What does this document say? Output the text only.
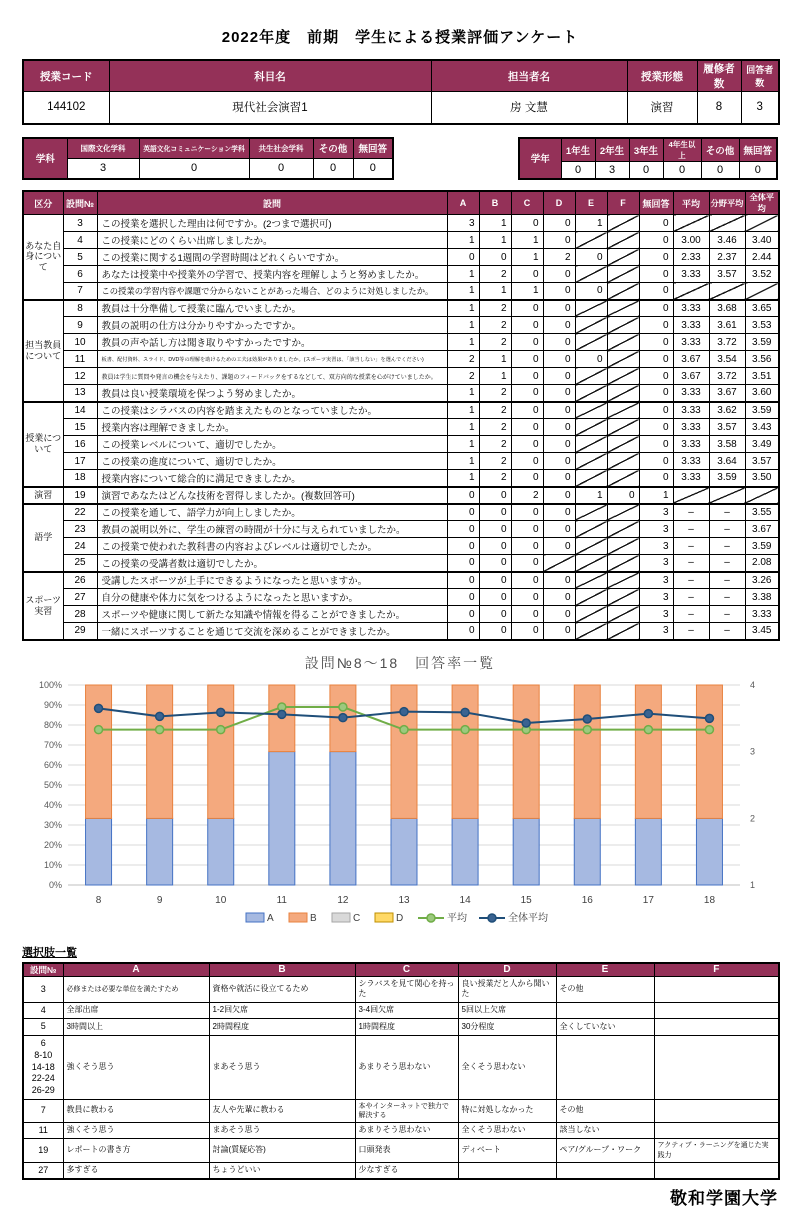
2022年度　前期　学生による授業評価アンケート
授業コード	科目名	担当者名	授業形態	履修者数	回答者数
144102	現代社会演習1	房 文慧	演習	8	3
学科	国際文化学科	英語文化コミュニケーション学科	共生社会学科	その他	無回答
	3	0	0	0	0
学年	1年生	2年生	3年生	4年生以上	その他	無回答
	0	3	0	0	0	0
区分	設問№	設問	A	B	C	D	E	F	無回答	平均	分野平均	全体平均
あなた自身について	3	この授業を選択した理由は何ですか。(2つまで選択可)	3	1	0	0	1		0			
	4	この授業にどのくらい出席しましたか。	1	1	1	0			0	3.00	3.46	3.40
	5	この授業に関する1週間の学習時間はどれくらいですか。	0	0	1	2	0		0	2.33	2.37	2.44
	6	あなたは授業中や授業外の学習で、授業内容を理解しようと努めましたか。	1	2	0	0			0	3.33	3.57	3.52
	7	この授業の学習内容や課題で分からないことがあった場合、どのように対処しましたか。	1	1	1	0	0		0			
担当教員について	8	教員は十分準備して授業に臨んでいましたか。	1	2	0	0			0	3.33	3.68	3.65
	9	教員の説明の仕方は分かりやすかったですか。	1	2	0	0			0	3.33	3.61	3.53
	10	教員の声や話し方は聞き取りやすかったですか。	1	2	0	0			0	3.33	3.72	3.59
	11	板書、配付資料、スライド、DVD等の理解を助けるための工夫は効果がありましたか。(スポーツ実習は、「該当しない」を選んでください)	2	1	0	0	0		0	3.67	3.54	3.56
	12	教員は学生に質問や発言の機会を与えたり、課題のフィードバックをするなどして、双方向的な授業を心がけていましたか。	2	1	0	0			0	3.67	3.72	3.51
	13	教員は良い授業環境を保つよう努めましたか。	1	2	0	0			0	3.33	3.67	3.60
授業について	14	この授業はシラバスの内容を踏まえたものとなっていましたか。	1	2	0	0			0	3.33	3.62	3.59
	15	授業内容は理解できましたか。	1	2	0	0			0	3.33	3.57	3.43
	16	この授業レベルについて、適切でしたか。	1	2	0	0			0	3.33	3.58	3.49
	17	この授業の進度について、適切でしたか。	1	2	0	0			0	3.33	3.64	3.57
	18	授業内容について総合的に満足できましたか。	1	2	0	0			0	3.33	3.59	3.50
演習	19	演習であなたはどんな技術を習得しましたか。(複数回答可)	0	0	2	0	1	0	1			
語学	22	この授業を通して、語学力が向上しましたか。	0	0	0	0			3	–	–	3.55
	23	教員の説明以外に、学生の練習の時間が十分に与えられていましたか。	0	0	0	0			3	–	–	3.67
	24	この授業で使われた教科書の内容およびレベルは適切でしたか。	0	0	0	0			3	–	–	3.59
	25	この授業の受講者数は適切でしたか。	0	0	0				3	–	–	2.08
スポーツ実習	26	受講したスポーツが上手にできるようになったと思いますか。	0	0	0	0			3	–	–	3.26
	27	自分の健康や体力に気をつけるようになったと思いますか。	0	0	0	0			3	–	–	3.38
	28	スポーツや健康に関して新たな知識や情報を得ることができましたか。	0	0	0	0			3	–	–	3.33
	29	一緒にスポーツすることを通じて交流を深めることができましたか。	0	0	0	0			3	–	–	3.45
設問№8～18　回答率一覧
0%
10%
20%
30%
40%
50%
60%
70%
80%
90%
100%
1
2
3
4
8	9	10	11	12	13	14	15	16	17	18
A	B	C	D	平均	全体平均
選択肢一覧
設問№	A	B	C	D	E	F
3	必修または必要な単位を満たすため	資格や就活に役立てるため	シラバスを見て関心を持った	良い授業だと人から聞いた	その他	
4	全部出席	1-2回欠席	3-4回欠席	5回以上欠席		
5	3時間以上	2時間程度	1時間程度	30分程度	全くしていない	
6
8-10
14-18
22-24
26-29	強くそう思う	まあそう思う	あまりそう思わない	全くそう思わない		
7	教員に教わる	友人や先輩に教わる	本やインターネットで独力で解決する	特に対処しなかった	その他	
11	強くそう思う	まあそう思う	あまりそう思わない	全くそう思わない	該当しない	
19	レポートの書き方	討論(質疑応答)	口頭発表	ディベート	ペア/グループ・ワーク	アクティブ・ラーニングを通じた実践力
27	多すぎる	ちょうどいい	少なすぎる			
敬和学園大学
